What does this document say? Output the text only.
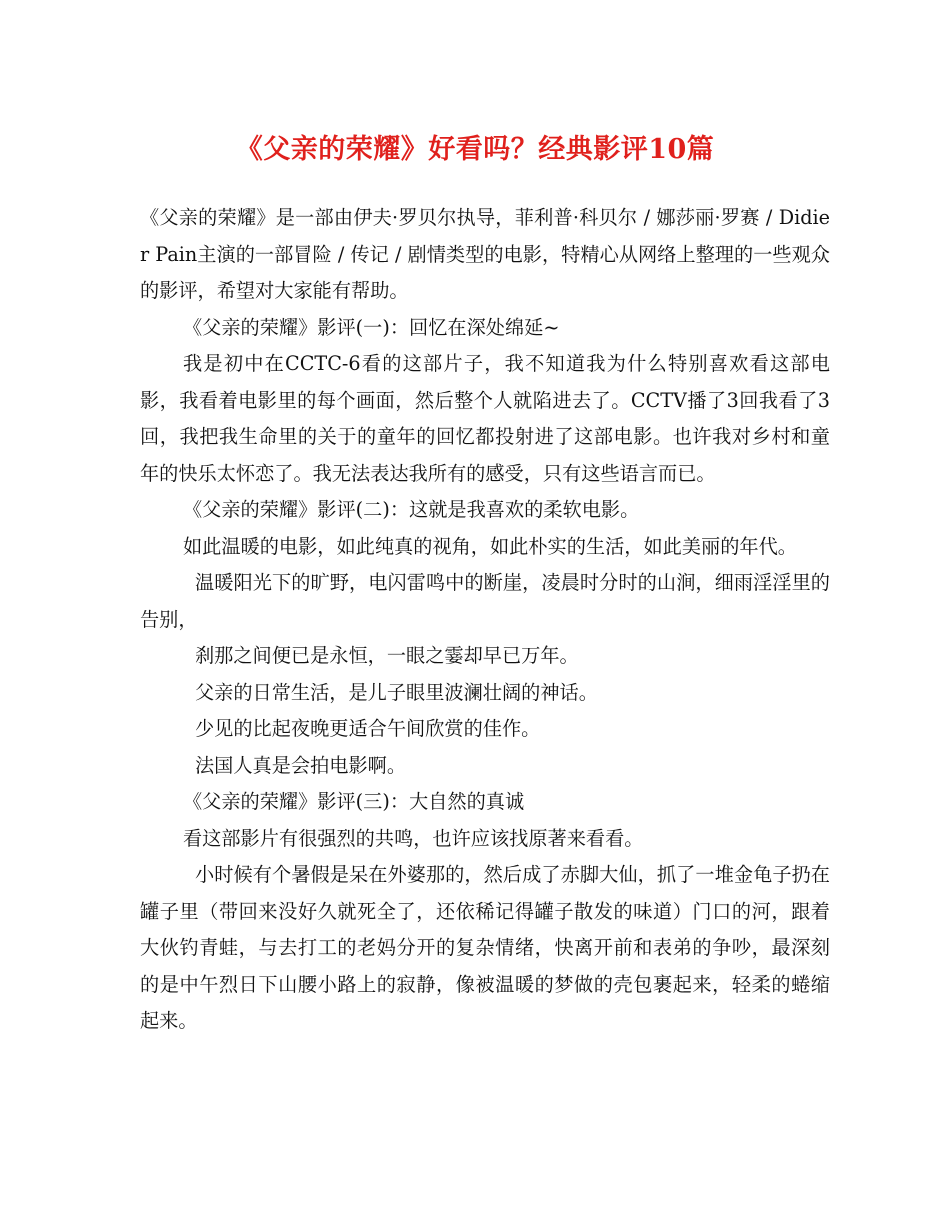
《父亲的荣耀》好看吗？经典影评10篇

《父亲的荣耀》是一部由伊夫·罗贝尔执导，菲利普·科贝尔 / 娜莎丽·罗赛 / Didier Pain主演的一部冒险 / 传记 / 剧情类型的电影，特精心从网络上整理的一些观众的影评，希望对大家能有帮助。

《父亲的荣耀》影评(一)：回忆在深处绵延~

我是初中在CCTC-6看的这部片子，我不知道我为什么特别喜欢看这部电影，我看着电影里的每个画面，然后整个人就陷进去了。CCTV播了3回我看了3回，我把我生命里的关于的童年的回忆都投射进了这部电影。也许我对乡村和童年的快乐太怀恋了。我无法表达我所有的感受，只有这些语言而已。

《父亲的荣耀》影评(二)：这就是我喜欢的柔软电影。

如此温暖的电影，如此纯真的视角，如此朴实的生活，如此美丽的年代。

温暖阳光下的旷野，电闪雷鸣中的断崖，凌晨时分时的山涧，细雨淫淫里的告别，

刹那之间便已是永恒，一眼之霎却早已万年。

父亲的日常生活，是儿子眼里波澜壮阔的神话。

少见的比起夜晚更适合午间欣赏的佳作。

法国人真是会拍电影啊。

《父亲的荣耀》影评(三)：大自然的真诚

看这部影片有很强烈的共鸣，也许应该找原著来看看。

小时候有个暑假是呆在外婆那的，然后成了赤脚大仙，抓了一堆金龟子扔在罐子里（带回来没好久就死全了，还依稀记得罐子散发的味道）门口的河，跟着大伙钓青蛙，与去打工的老妈分开的复杂情绪，快离开前和表弟的争吵，最深刻的是中午烈日下山腰小路上的寂静，像被温暖的梦做的壳包裹起来，轻柔的蜷缩起来。
